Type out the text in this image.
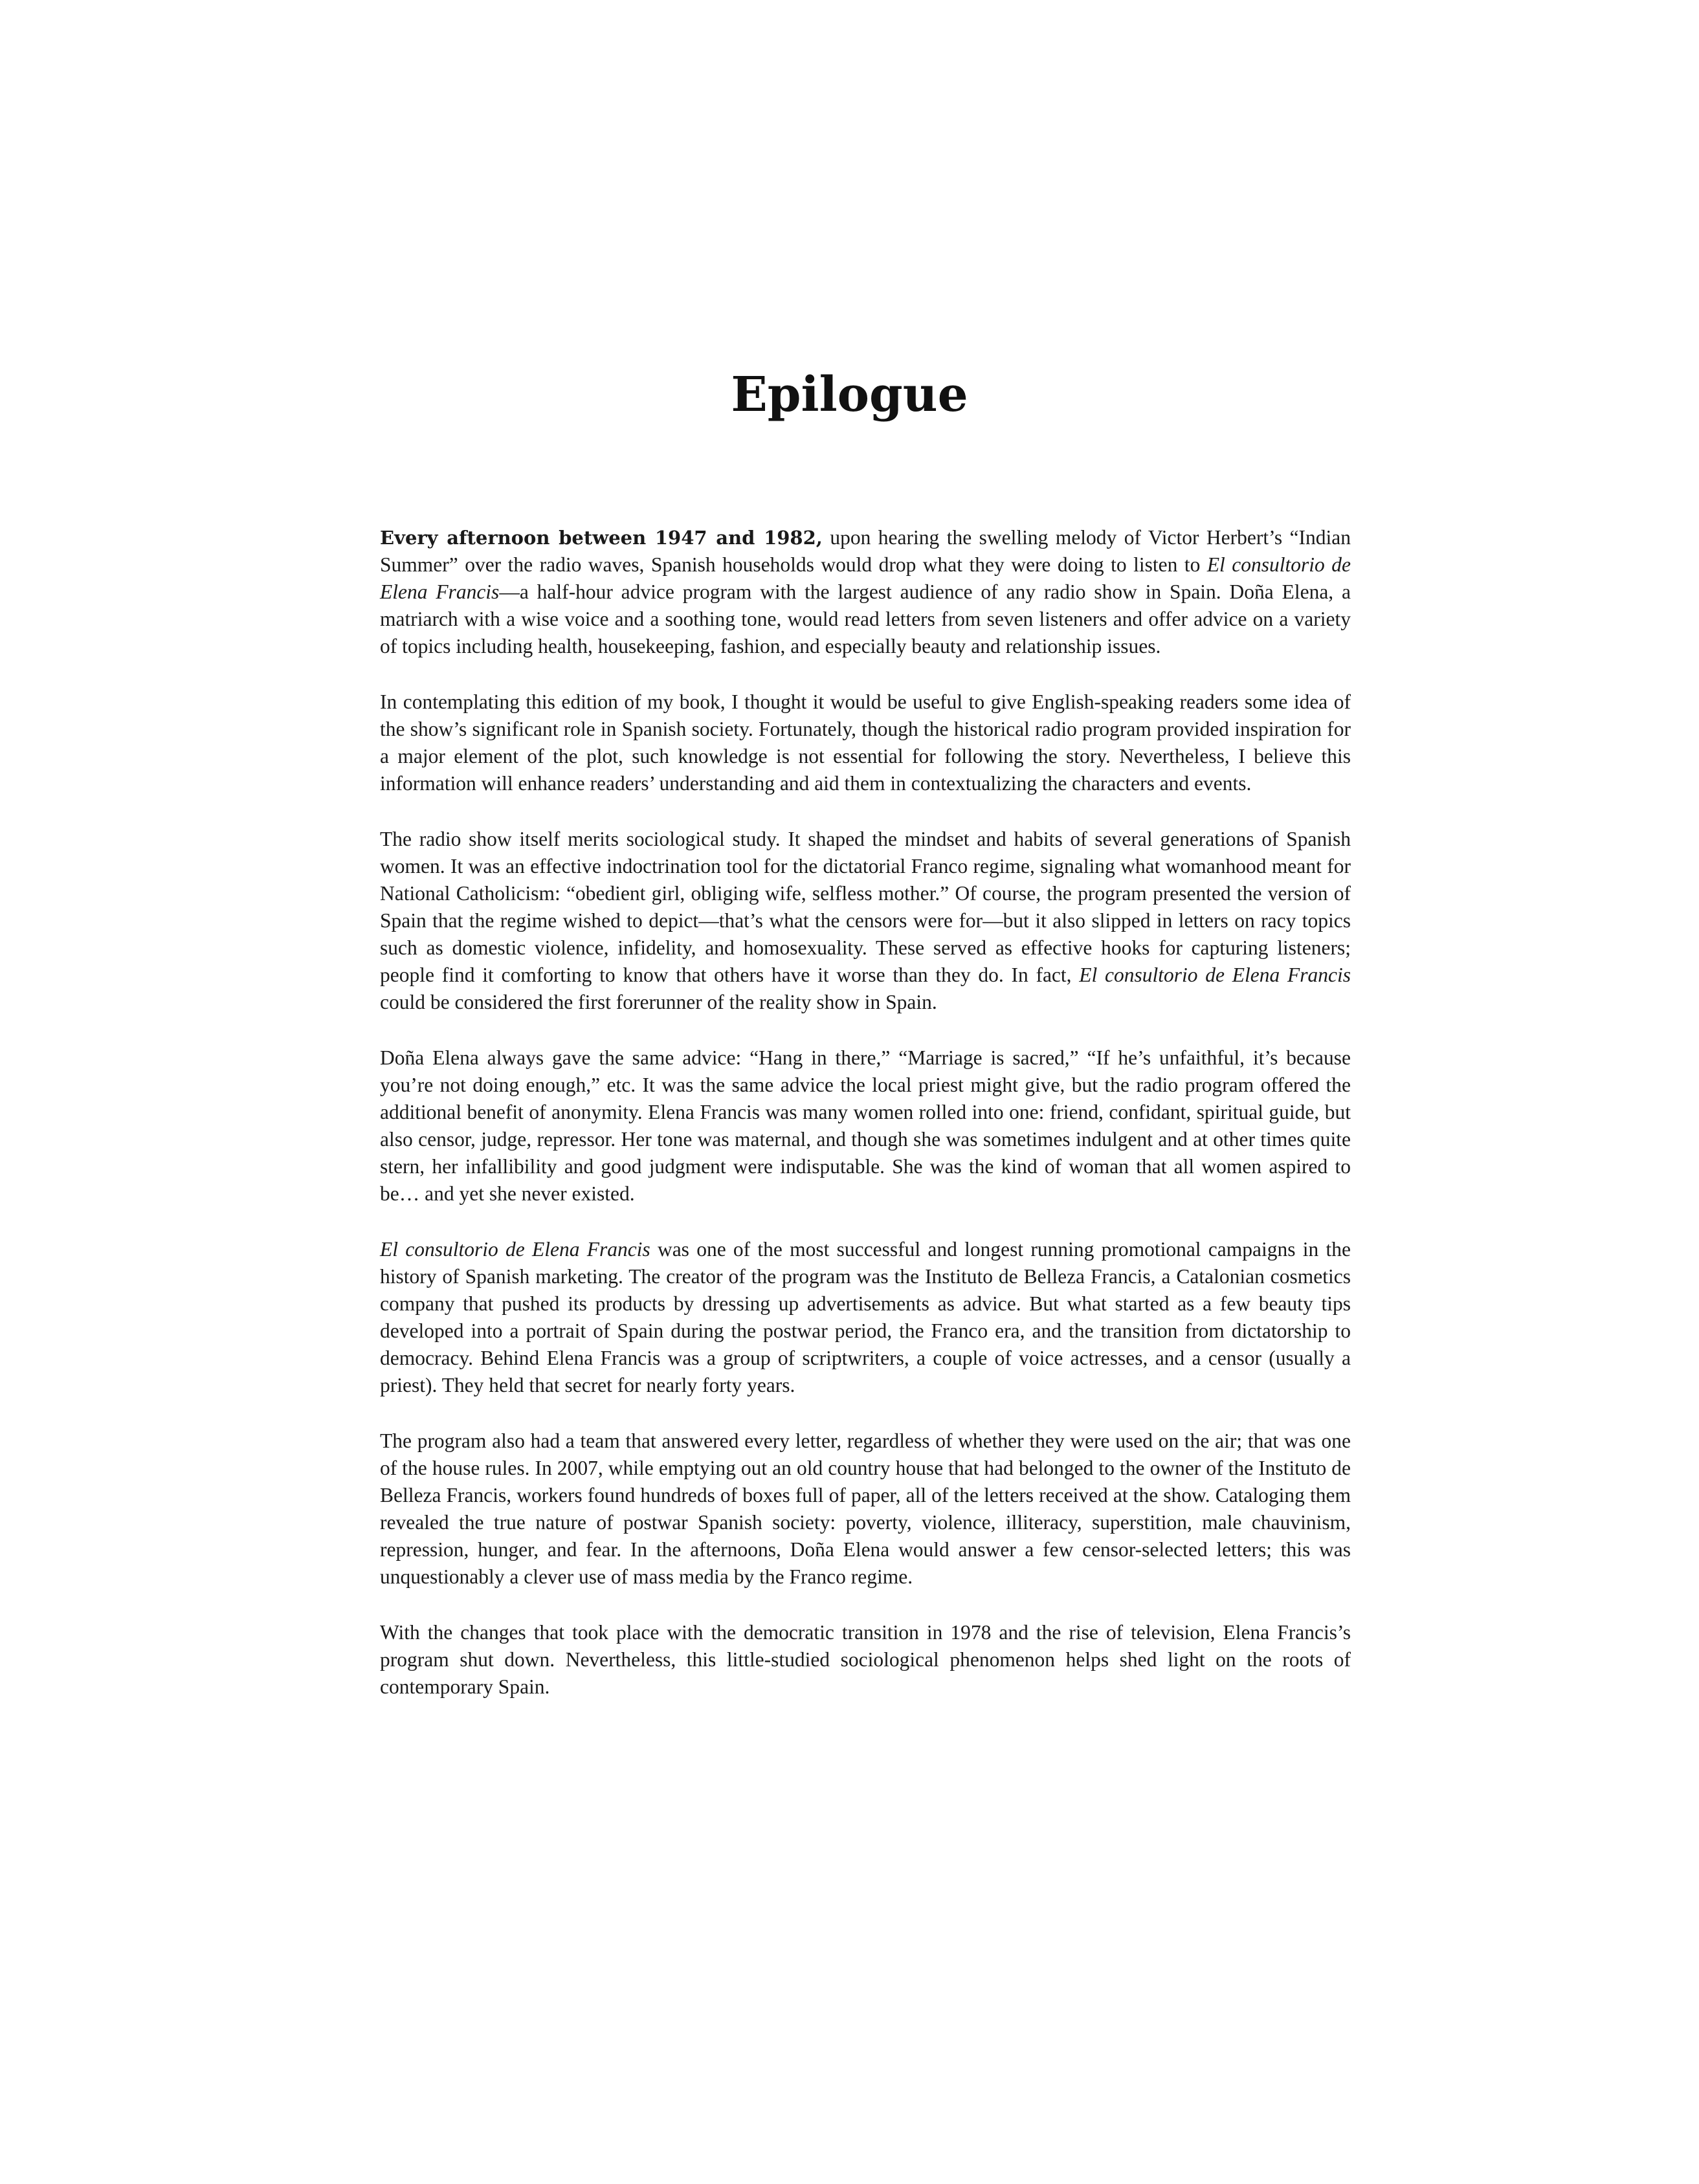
Epilogue

Every afternoon between 1947 and 1982, upon hearing the swelling melody of Victor Herbert’s “Indian Summer” over the radio waves, Spanish households would drop what they were doing to listen to El consultorio de Elena Francis—a half-hour advice program with the largest audience of any radio show in Spain. Doña Elena, a matriarch with a wise voice and a soothing tone, would read letters from seven listeners and offer advice on a variety of topics including health, housekeeping, fashion, and especially beauty and relationship issues.

In contemplating this edition of my book, I thought it would be useful to give English-speaking readers some idea of the show’s significant role in Spanish society. Fortunately, though the historical radio program provided inspiration for a major element of the plot, such knowledge is not essential for following the story. Nevertheless, I believe this information will enhance readers’ understanding and aid them in contextualizing the characters and events.

The radio show itself merits sociological study. It shaped the mindset and habits of several generations of Spanish women. It was an effective indoctrination tool for the dictatorial Franco regime, signaling what womanhood meant for National Catholicism: “obedient girl, obliging wife, selfless mother.” Of course, the program presented the version of Spain that the regime wished to depict—that’s what the censors were for—but it also slipped in letters on racy topics such as domestic violence, infidelity, and homosexuality. These served as effective hooks for capturing listeners; people find it comforting to know that others have it worse than they do. In fact, El consultorio de Elena Francis could be considered the first forerunner of the reality show in Spain.

Doña Elena always gave the same advice: “Hang in there,” “Marriage is sacred,” “If he’s unfaithful, it’s because you’re not doing enough,” etc. It was the same advice the local priest might give, but the radio program offered the additional benefit of anonymity. Elena Francis was many women rolled into one: friend, confidant, spiritual guide, but also censor, judge, repressor. Her tone was maternal, and though she was sometimes indulgent and at other times quite stern, her infallibility and good judgment were indisputable. She was the kind of woman that all women aspired to be… and yet she never existed.

El consultorio de Elena Francis was one of the most successful and longest running promotional campaigns in the history of Spanish marketing. The creator of the program was the Instituto de Belleza Francis, a Catalonian cosmetics company that pushed its products by dressing up advertisements as advice. But what started as a few beauty tips developed into a portrait of Spain during the postwar period, the Franco era, and the transition from dictatorship to democracy. Behind Elena Francis was a group of scriptwriters, a couple of voice actresses, and a censor (usually a priest). They held that secret for nearly forty years.

The program also had a team that answered every letter, regardless of whether they were used on the air; that was one of the house rules. In 2007, while emptying out an old country house that had belonged to the owner of the Instituto de Belleza Francis, workers found hundreds of boxes full of paper, all of the letters received at the show. Cataloging them revealed the true nature of postwar Spanish society: poverty, violence, illiteracy, superstition, male chauvinism, repression, hunger, and fear. In the afternoons, Doña Elena would answer a few censor-selected letters; this was unquestionably a clever use of mass media by the Franco regime.

With the changes that took place with the democratic transition in 1978 and the rise of television, Elena Francis’s program shut down. Nevertheless, this little-studied sociological phenomenon helps shed light on the roots of contemporary Spain.
